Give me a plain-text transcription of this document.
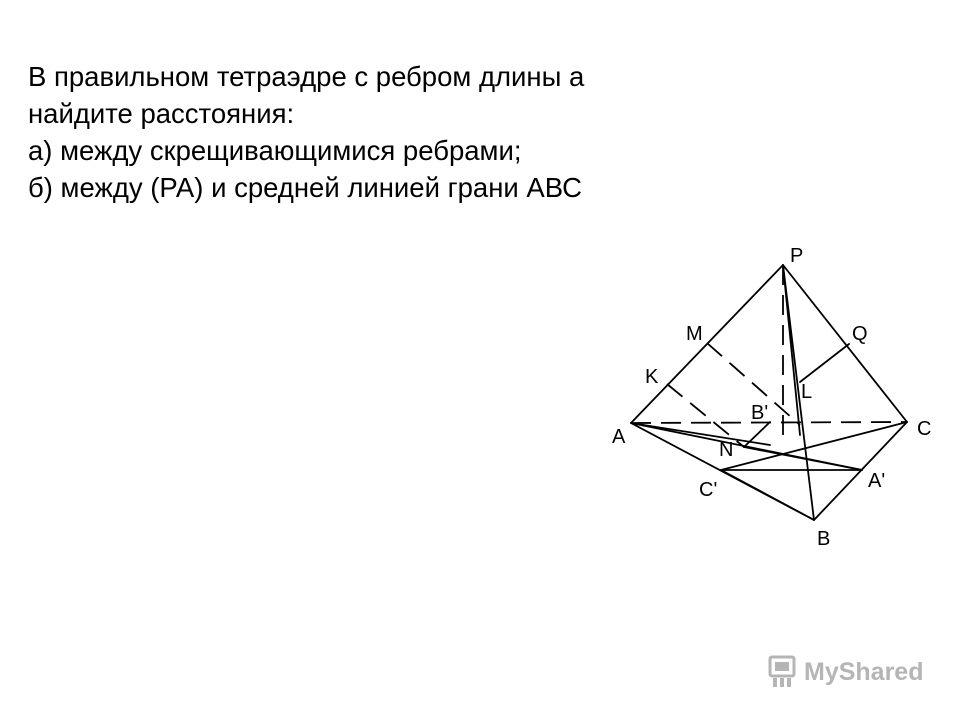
В правильном тетраэдре с ребром длины а
найдите расстояния:
а) между скрещивающимися ребрами;
б) между (РА) и средней линией грани АВС
P
A
B
C
M
K
Q
L
B'
N
C'	A'
MyShared
